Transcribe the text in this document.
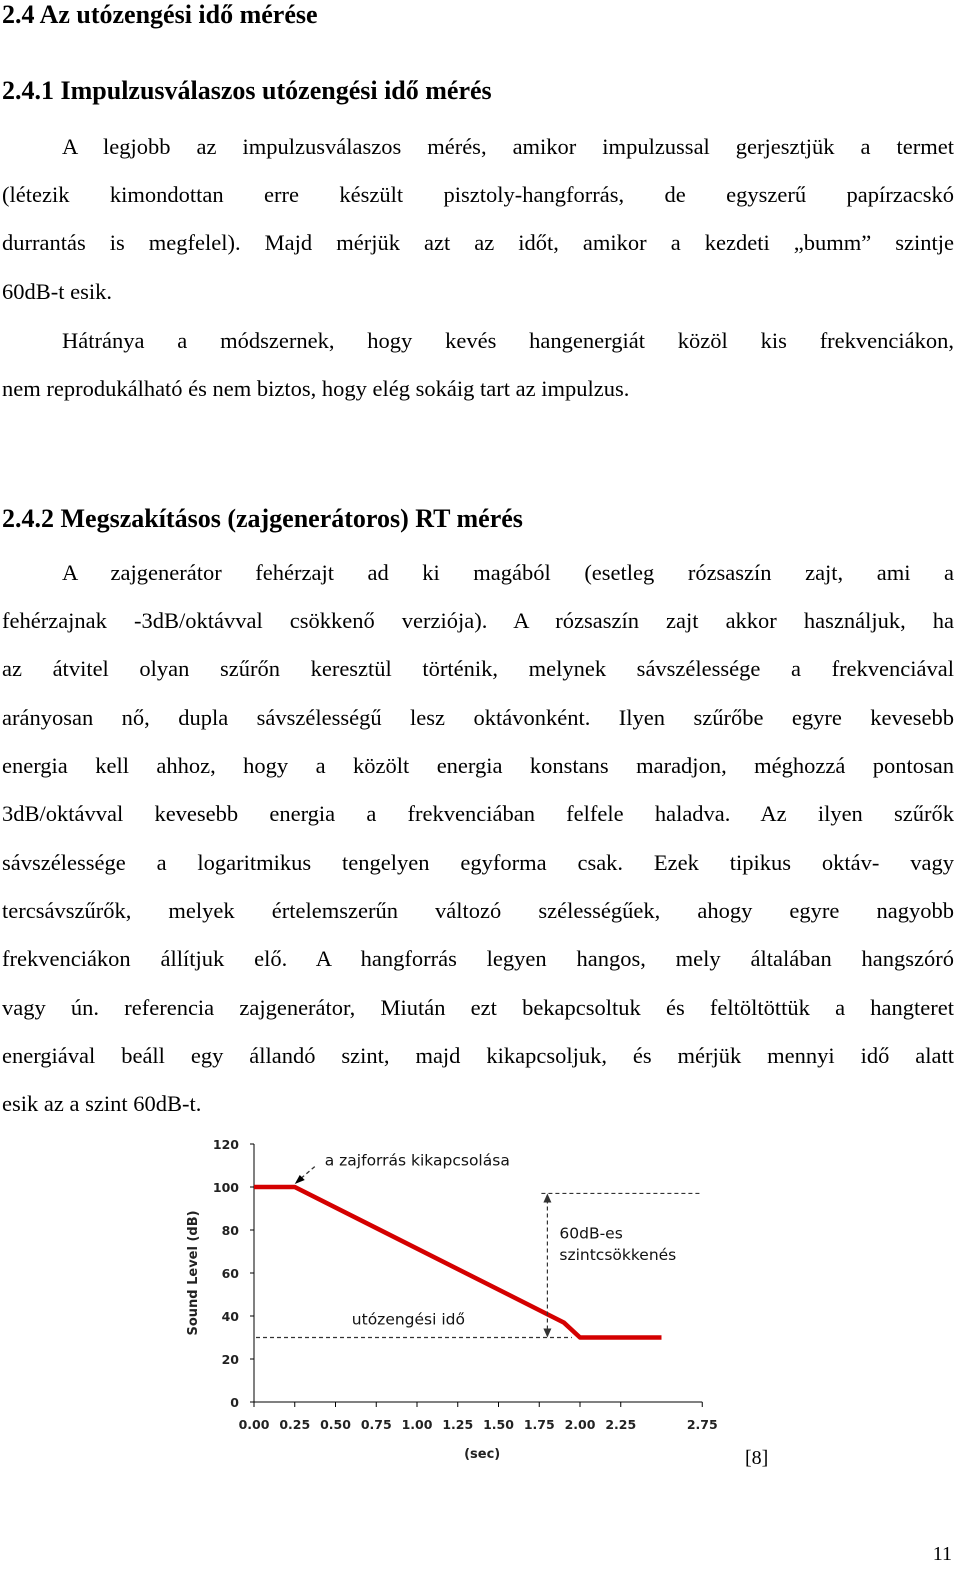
2.4 Az utózengési idő mérése
2.4.1 Impulzusválaszos utózengési idő mérés
A legjobb az impulzusválaszos mérés, amikor impulzussal gerjesztjük a termet
(létezik kimondottan erre készült pisztoly-hangforrás, de egyszerű papírzacskó
durrantás is megfelel). Majd mérjük azt az időt, amikor a kezdeti „bumm” szintje
60dB-t esik.
Hátránya a módszernek, hogy kevés hangenergiát közöl kis frekvenciákon,
nem reprodukálható és nem biztos, hogy elég sokáig tart az impulzus.
2.4.2 Megszakításos (zajgenerátoros) RT mérés
A zajgenerátor fehérzajt ad ki magából (esetleg rózsaszín zajt, ami a
fehérzajnak -3dB/oktávval csökkenő verziója). A rózsaszín zajt akkor használjuk, ha
az átvitel olyan szűrőn keresztül történik, melynek sávszélessége a frekvenciával
arányosan nő, dupla sávszélességű lesz oktávonként. Ilyen szűrőbe egyre kevesebb
energia kell ahhoz, hogy a közölt energia konstans maradjon, méghozzá pontosan
3dB/oktávval kevesebb energia a frekvenciában felfele haladva. Az ilyen szűrők
sávszélessége a logaritmikus tengelyen egyforma csak. Ezek tipikus oktáv- vagy
tercsávszűrők, melyek értelemszerűn változó szélességűek, ahogy egyre nagyobb
frekvenciákon állítjuk elő. A hangforrás legyen hangos, mely általában hangszóró
vagy ún. referencia zajgenerátor, Miután ezt bekapcsoltuk és feltöltöttük a hangteret
energiával beáll egy állandó szint, majd kikapcsoljuk, és mérjük mennyi idő alatt
esik az a szint 60dB-t.
0
20
40
60
80
100
120
0.00 0.25 0.50 0.75 1.00 1.25 1.50 1.75 2.00 2.25	2.75
(sec)
Sound Level (dB)
a zajforrás kikapcsolása
60dB-es
szintcsökkenés
utózengési idő
[8]
11
